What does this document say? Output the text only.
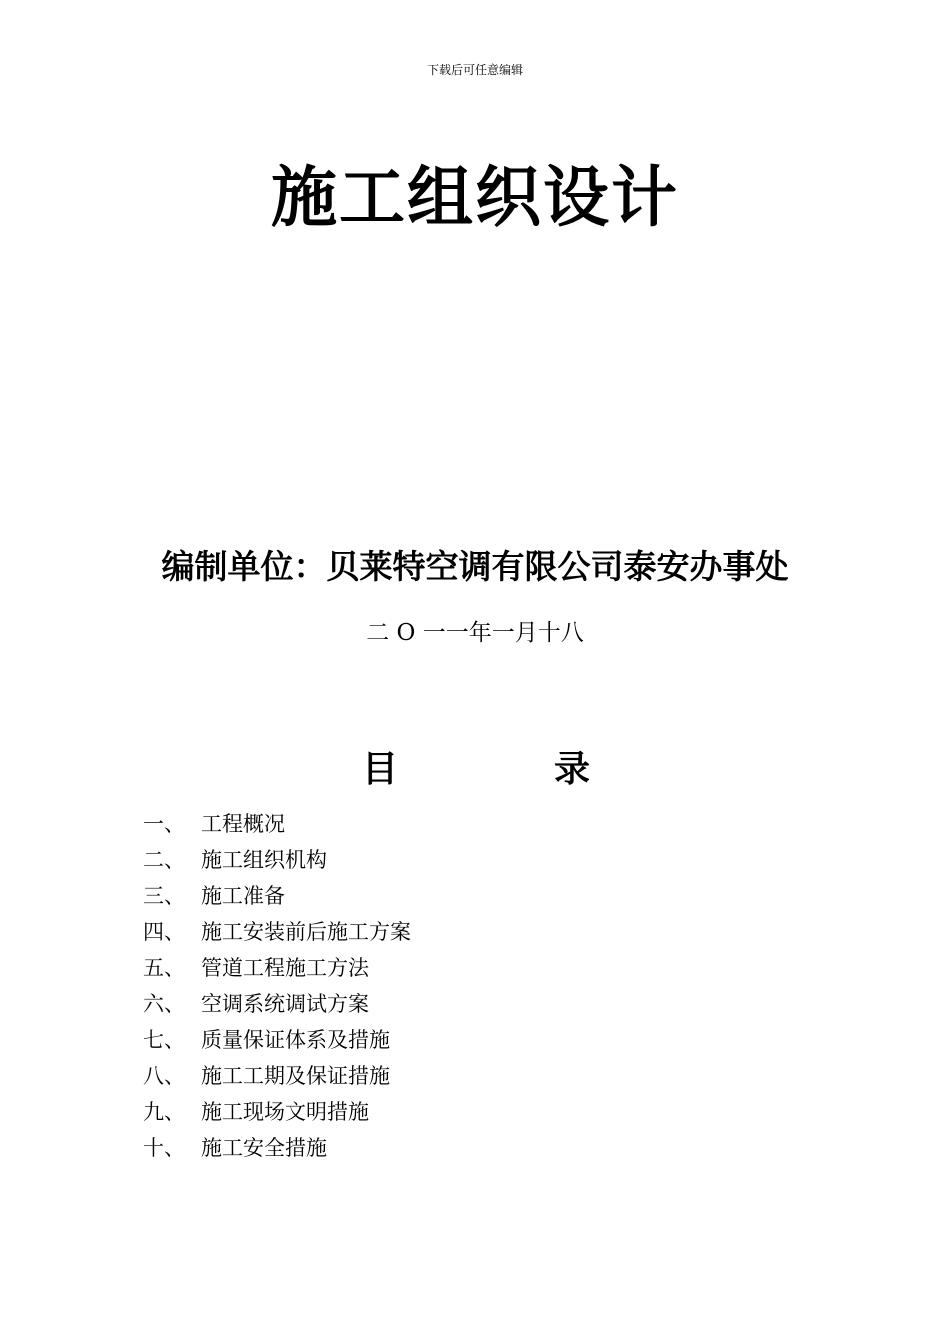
下载后可任意编辑
施工组织设计
编制单位：贝莱特空调有限公司泰安办事处
二 O 一一年一月十八
目	录
一、 工程概况
二、 施工组织机构
三、 施工准备
四、 施工安装前后施工方案
五、 管道工程施工方法
六、 空调系统调试方案
七、 质量保证体系及措施
八、 施工工期及保证措施
九、 施工现场文明措施
十、 施工安全措施
